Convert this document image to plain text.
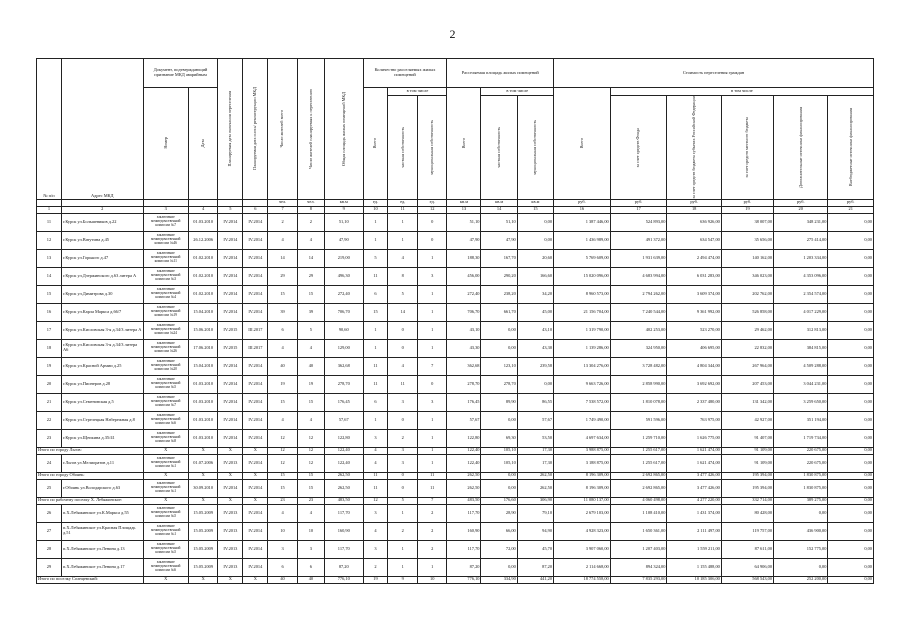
2
№ п/п	Адрес МКД	Документ, подтверждающий признание МКД аварийным		Планируемая дата окончания переселения	Планируемая дата сноса/ реконструкции МКД	Число жителей всего	Число жителей планируемых к переселению	Общая площадь жилых помещений МКД	Количество расселяемых жилых помещений			Расселяемая площадь жилых помещений			Стоимость переселения граждан					

		Номер	Дата						Всего	в том числе		Всего	в том числе		Всего	в том числе				

										частная собственность	муниципальная собственность		частная собственность	муниципальная собственность		за счет средств Фонда	за счет средств бюджета субъекта Российской Федерации	за счет средств местного бюджета	Дополнительные источники финансирования	Внебюджетные источники финансирования

						чел.	чел.	кв.м	ед.	ед.	ед.	кв.м	кв.м	кв.м	руб.	руб.	руб.	руб.	руб.	руб.
1	2	3	4	5	6	7	8	9	10	11	12	13	14	15	16	17	18	19	20	21
11	г.Курск ул.Большевиков д.22	заключение межведомственной комиссии №7	01.03.2010	IV.2014	IV.2014	2	2	51,10	1	1	0	51,10	51,10	0,00	1 387 446,00	524 893,00	636 926,00	38 007,00	348 231,00	0,00
12	г.Курск ул.Ватутина д.45	заключение межведомственной комиссии №46	26.12.2006	IV.2014	IV.2014	4	4	47,90	1	1	0	47,90	47,90	0,00	1 436 989,00	491 372,00	634 547,00	35 656,00	275 414,00	0,00
13	г.Курск ул.Горького д.47	заключение межведомственной комиссии №11	01.02.2010	IV.2014	IV.2014	14	14	219,00	5	4	1	188,30	167,70	20,60	5 769 609,00	1 931 639,00	2 494 474,00	140 162,00	1 203 334,00	0,00
14	г.Курск ул.Дзержинского д.63 литера А	заключение межведомственной комиссии №3	01.02.2010	IV.2014	IV.2014	29	29	496,30	11	8	3	456,00	290,20	166,60	15 020 096,00	4 683 994,00	6 031 283,00	346 023,00	4 353 096,00	0,00
15	г.Курск ул.Димитрова д.30	заключение межведомственной комиссии №4	01.02.2010	IV.2014	IV.2014	15	15	272,40	6	5	1	272,40	238,20	34,20	8 960 573,00	2 794 262,00	3 609 374,00	202 762,00	2 354 574,00	0,00
16	г.Курск ул.Карла Маркса д.66/7	заключение межведомственной комиссии №19	15.04.2010	IV.2014	IV.2014	39	39	706,70	15	14	1	706,70	661,70	45,00	21 156 704,00	7 240 544,00	9 361 992,00	526 858,00	4 017 229,00	0,00
17	г.Курск ул.Кисловская 3-я д.34/3 литера А	заключение межведомственной комиссии №24	15.06.2010	IV.2015	III.2017	6	5	90,60	1	0	1	43,10	0,00	43,10	1 319 790,00	402 253,00	523 270,00	29 462,00	312 813,00	0,00
18	г.Курск ул.Кисловская 3-я д.34/3 литера А6	заключение межведомственной комиссии №26	17.06.2010	IV.2015	III.2017	4	4	129,00	1	0	1	43,30	0,00	43,30	1 139 286,00	324 950,00	406 695,00	22 832,00	384 815,00	0,00
19	г.Курск ул.Красной Армии д.25	заключение межведомственной комиссии №20	15.04.2010	IV.2014	IV.2014	40	40	362,68	11	4	7	362,68	123,10	239,58	13 304 276,00	3 728 482,00	4 804 344,00	267 964,00	4 509 288,00	0,00
20	г.Курск ул.Пионеров д.28	заключение межведомственной комиссии №5	01.03.2010	IV.2014	IV.2014	19	19	278,70	11	11	0	278,70	278,70	0,00	9 663 726,00	2 858 990,00	3 692 692,00	207 453,00	3 044 231,00	0,00
21	г.Курск ул.Семеновская д.5	заключение межведомственной комиссии №7	01.03.2010	IV.2014	IV.2014	15	15	176,45	6	3	3	176,45	89,90	86,55	7 538 572,00	1 810 078,00	2 337 480,00	131 342,00	3 259 650,00	0,00
22	г.Курск ул.Стрелецкая Набережная д.8	заключение межведомственной комиссии №6	01.03.2010	IV.2014	IV.2014	4	4	57,67	1	0	1	57,67	0,00	57,67	1 749 490,00	591 596,00	763 975,00	42 927,00	351 194,00	0,00
23	г.Курск ул.Щепкина д.35/41	заключение межведомственной комиссии №8	01.03.2010	IV.2014	IV.2014	12	12	122,80	3	2	1	122,80	69,30	53,50	4 697 634,00	1 259 710,00	1 626 775,00	91 407,00	1 719 734,00	0,00
Итого по городу Льгов:		X	X	X	X	12	12	122,40	4	3	1	122,40	105,10	17,30	3 988 875,00	1 255 617,00	1 621 474,00	91 109,00	220 675,00	0,00
24	г.Льгов ул.Мелиоратов д.11	заключение межведомственной комиссии №1	01.07.2006	IV.2013	IV.2014	12	12	122,40	4	3	1	122,40	105,10	17,30	3 188 875,00	1 255 617,00	1 621 474,00	91 109,00	220 675,00	0,00
Итого по городу Обоянь:		X	X	X	X	15	15	262,50	11	0	11	262,50	0,00	262,50	8 196 309,00	2 692 865,00	3 477 426,00	195 394,00	1 830 875,00	0,00
25	г.Обоянь ул.Володарского д.63	заключение межведомственной комиссии №1	30.09.2010	IV.2014	IV.2014	15	15	262,50	11	0	11	262,50	0,00	262,50	8 196 309,00	2 692 865,00	3 477 426,00	195 394,00	1 830 875,00	0,00
Итого по рабочему поселку Х. Лебяжинское:		X	X	X	X	23	23	483,50	12	5	7	483,50	176,60	306,90	11 080 137,00	4 060 498,00	4 277 220,00	332 714,00	389 275,00	0,00
26	п.Х.Лебяжинское ул.К.Маркса д.55	заключение межведомственной комиссии №5	15.05.2009	IV.2013	IV.2014	4	4	117,70	3	1	2	117,70	28,90	79,10	2 679 103,00	1 108 410,00	1 431 374,00	80 428,00	0,00	0,00
27	п.Х.Лебяжинское ул.Красная Площадь д.51	заключение межведомственной комиссии №1	15.05.2009	IV.2013	IV.2014	10	10	160,90	4	2	2	160,90	66,00	94,90	4 928 323,00	1 650 361,00	2 111 497,00	119 757,00	436 900,00	0,00
28	п.Х.Лебяжинское ул.Ленина д.13	заключение межведомственной комиссии №5	15.05.2009	IV.2013	IV.2014	3	3	117,70	3	1	2	117,70	72,00	45,70	3 907 060,00	1 207 403,00	1 559 211,00	87 611,00	152 775,00	0,00
29	п.Х.Лебяжинское ул.Ленина д.17	заключение межведомственной комиссии №6	15.05.2009	IV.2013	IV.2014	6	6	87,20	2	1	1	87,20	0,00	87,20	2 114 668,00	894 324,00	1 155 488,00	64 906,00	0,00	0,00
Итого по поселку Солнцевский:		X	X	X	X	40	40	776,10	19	9	10	776,10	334,90	441,20	18 774 558,00	7 835 293,00	10 185 306,00	568 543,00	252 200,00	0,00
